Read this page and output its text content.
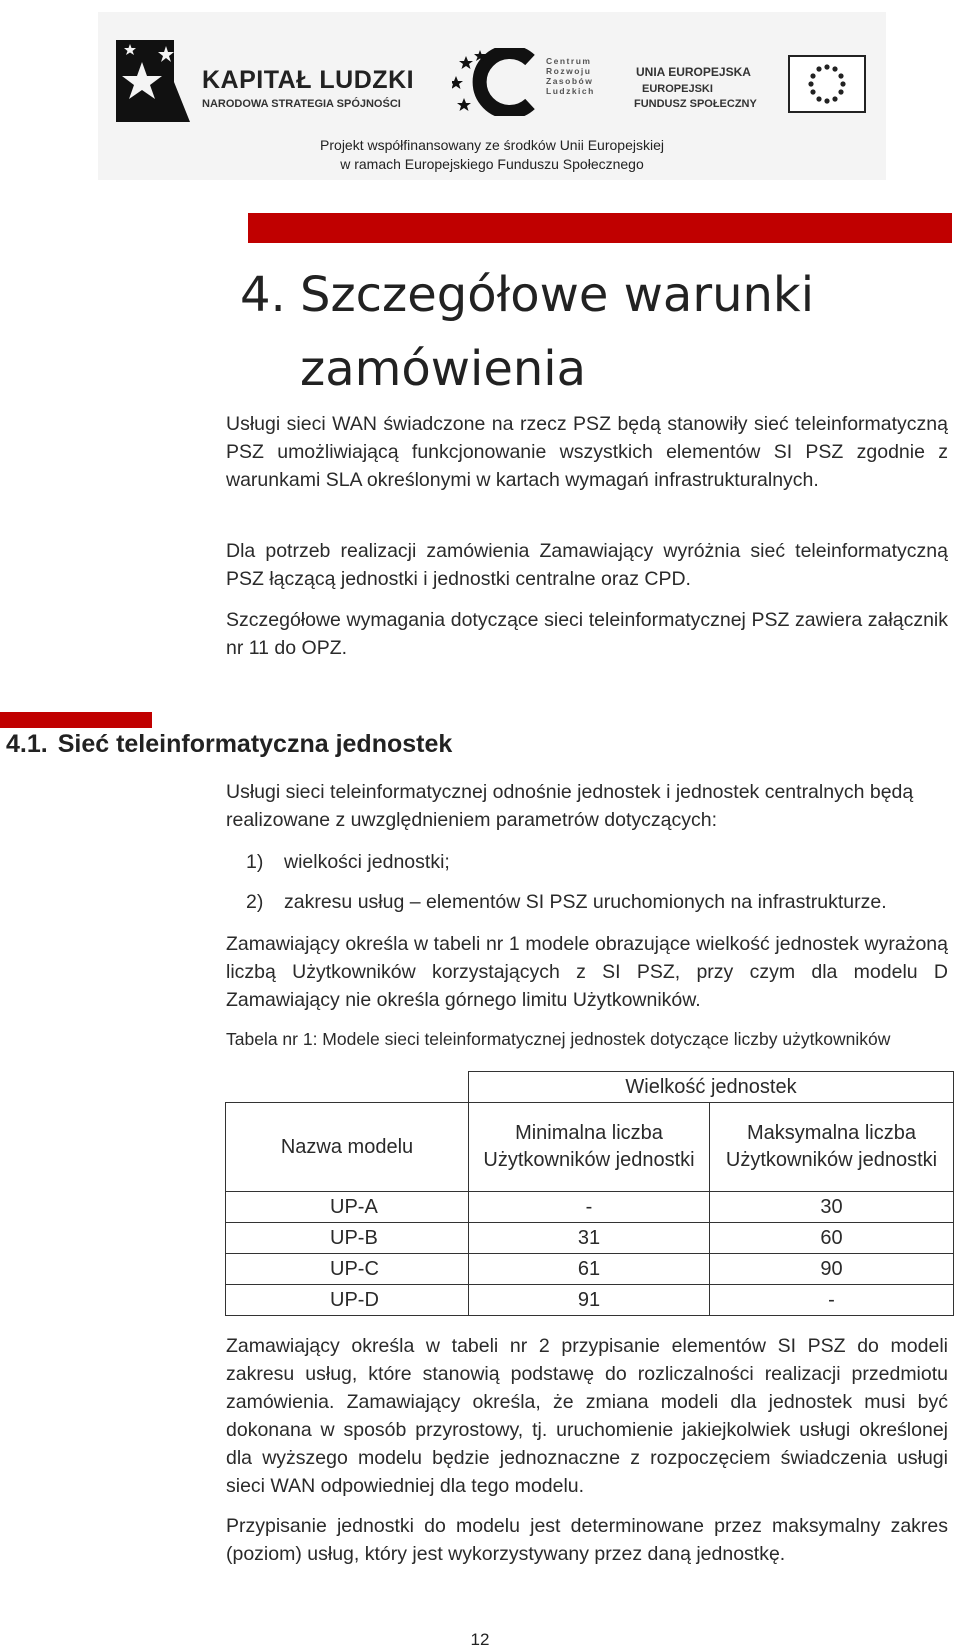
KAPITAŁ LUDZKI
NARODOWA STRATEGIA SPÓJNOŚCI
Centrum
Rozwoju
Zasobów
Ludzkich
UNIA EUROPEJSKA
EUROPEJSKI
FUNDUSZ SPOŁECZNY
Projekt współfinansowany ze środków Unii Europejskiej
w ramach Europejskiego Funduszu Społecznego
4. Szczegółowe warunki
zamówienia
Usługi sieci WAN świadczone na rzecz PSZ będą stanowiły sieć teleinformatyczną PSZ umożliwiającą funkcjonowanie wszystkich elementów SI PSZ zgodnie z warunkami SLA określonymi w kartach wymagań infrastrukturalnych.
Dla potrzeb realizacji zamówienia Zamawiający wyróżnia sieć teleinformatyczną PSZ łączącą jednostki i jednostki centralne oraz CPD.
Szczegółowe wymagania dotyczące sieci teleinformatycznej PSZ zawiera załącznik nr 11 do OPZ.
4.1. Sieć teleinformatyczna jednostek
Usługi sieci teleinformatycznej odnośnie jednostek i jednostek centralnych będą realizowane z uwzględnieniem parametrów dotyczących:
1) wielkości jednostki;
2) zakresu usług – elementów SI PSZ uruchomionych na infrastrukturze.
Zamawiający określa w tabeli nr 1 modele obrazujące wielkość jednostek wyrażoną liczbą Użytkowników korzystających z SI PSZ, przy czym dla modelu D Zamawiający nie określa górnego limitu Użytkowników.
Tabela nr 1: Modele sieci teleinformatycznej jednostek dotyczące liczby użytkowników
	Wielkość jednostek	
Nazwa modelu	Minimalna liczba Użytkowników jednostki	Maksymalna liczba Użytkowników jednostki
UP-A	-	30
UP-B	31	60
UP-C	61	90
UP-D	91	-
Zamawiający określa w tabeli nr 2 przypisanie elementów SI PSZ do modeli zakresu usług, które stanowią podstawę do rozliczalności realizacji przedmiotu zamówienia. Zamawiający określa, że zmiana modeli dla jednostek musi być dokonana w sposób przyrostowy, tj. uruchomienie jakiejkolwiek usługi określonej dla wyższego modelu będzie jednoznaczne z rozpoczęciem świadczenia usługi sieci WAN odpowiedniej dla tego modelu.
Przypisanie jednostki do modelu jest determinowane przez maksymalny zakres (poziom) usług, który jest wykorzystywany przez daną jednostkę.
12
